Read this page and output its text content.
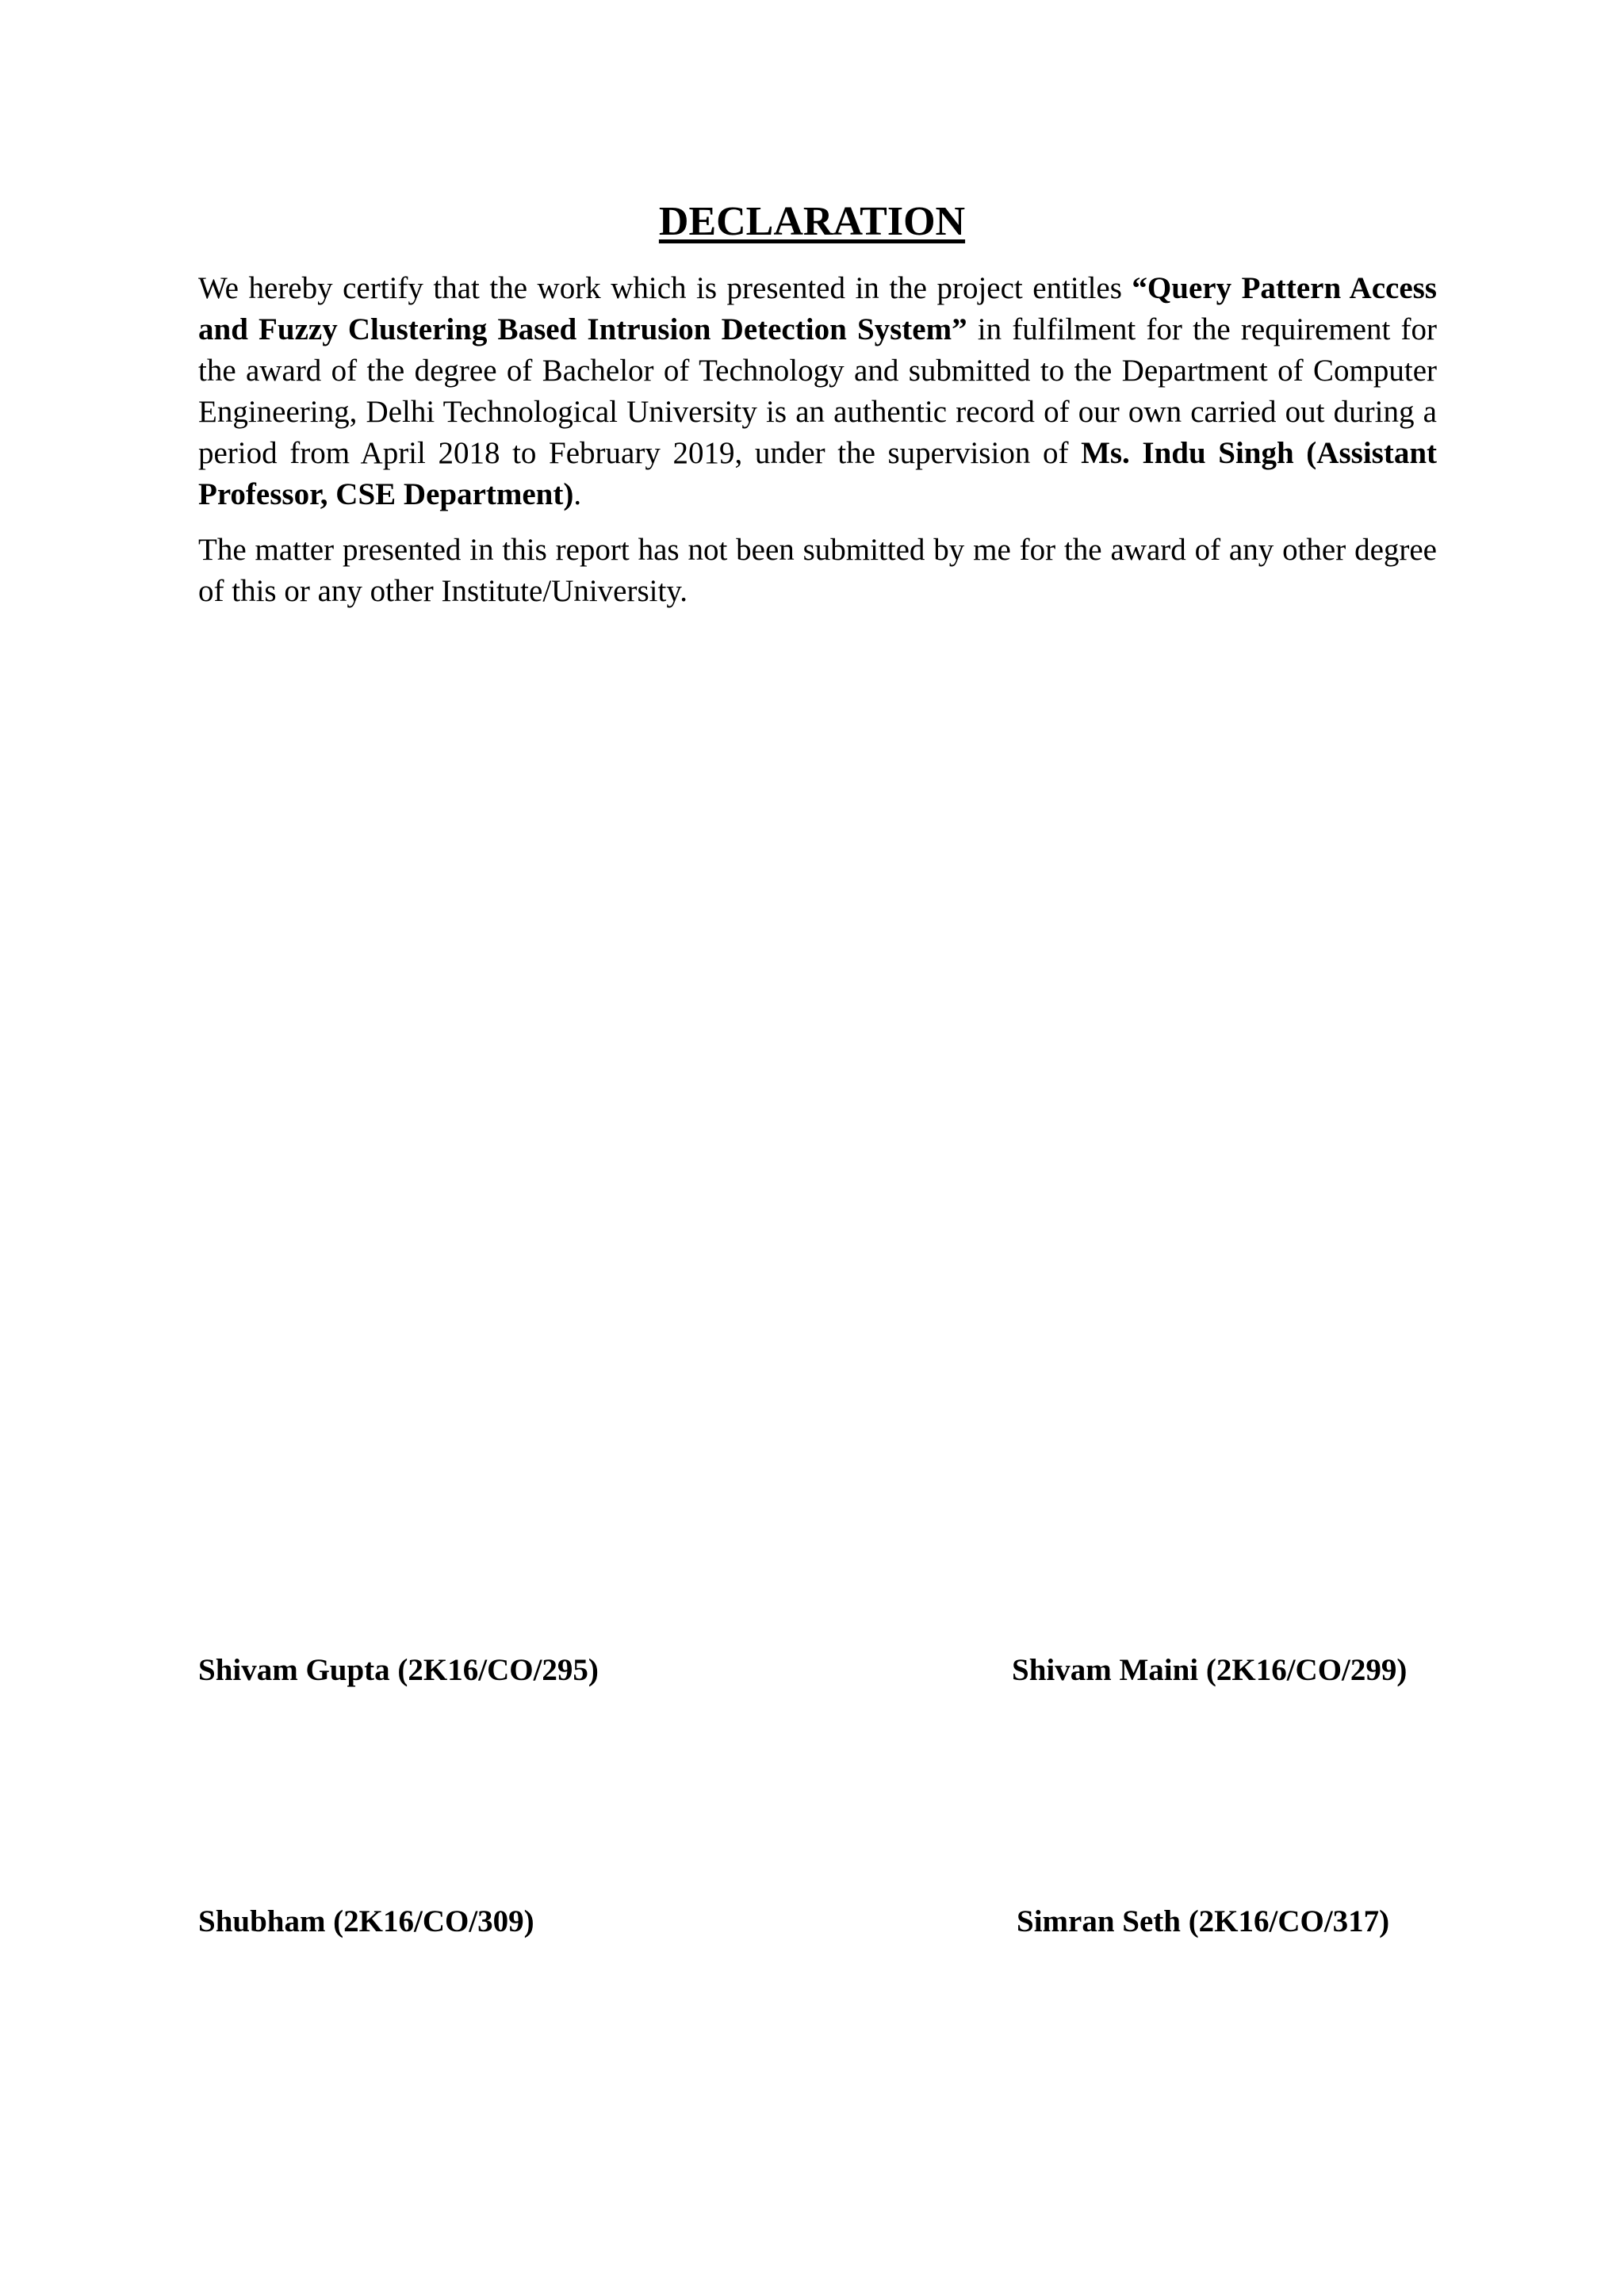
DECLARATION

We hereby certify that the work which is presented in the project entitles “Query Pattern Access and Fuzzy Clustering Based Intrusion Detection System” in fulfilment for the requirement for the award of the degree of Bachelor of Technology and submitted to the Department of Computer Engineering, Delhi Technological University is an authentic record of our own carried out during a period from April 2018 to February 2019, under the supervision of Ms. Indu Singh (Assistant Professor, CSE Department).

The matter presented in this report has not been submitted by me for the award of any other degree of this or any other Institute/University.

Shivam Gupta (2K16/CO/295)	Shivam Maini (2K16/CO/299)
Shubham (2K16/CO/309)	Simran Seth (2K16/CO/317)
